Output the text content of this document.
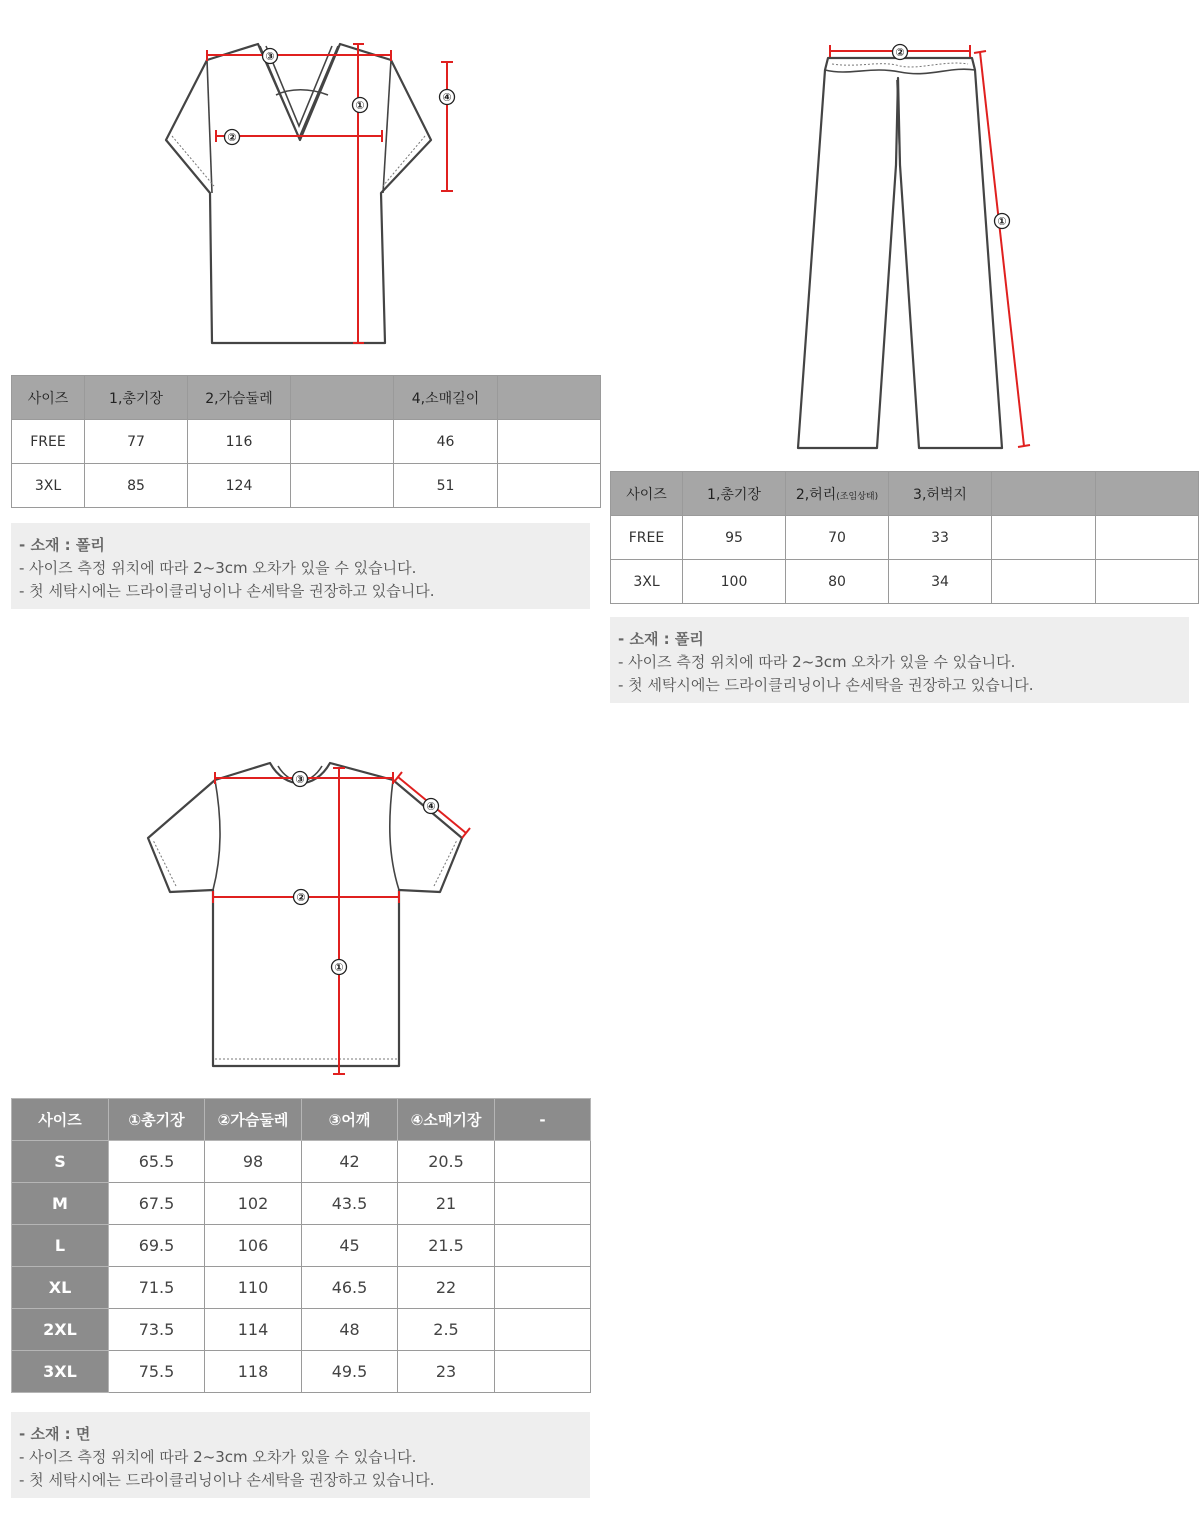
③
①
④
②
②
①
③
④
②
①
사이즈	1,총기장	2,가슴둘레		4,소매길이	
FREE	77	116		46	
3XL	85	124		51	
- 소재 : 폴리
- 사이즈 측정 위치에 따라 2~3cm 오차가 있을 수 있습니다.
- 첫 세탁시에는 드라이클리닝이나 손세탁을 권장하고 있습니다.
사이즈	1,총기장	2,허리(조임상태)	3,허벅지		
FREE	95	70	33		
3XL	100	80	34		
- 소재 : 폴리
- 사이즈 측정 위치에 따라 2~3cm 오차가 있을 수 있습니다.
- 첫 세탁시에는 드라이클리닝이나 손세탁을 권장하고 있습니다.
사이즈	①총기장	②가슴둘레	③어깨	④소매기장	-
S	65.5	98	42	20.5	
M	67.5	102	43.5	21	
L	69.5	106	45	21.5	
XL	71.5	110	46.5	22	
2XL	73.5	114	48	2.5	
3XL	75.5	118	49.5	23	
- 소재 : 면
- 사이즈 측정 위치에 따라 2~3cm 오차가 있을 수 있습니다.
- 첫 세탁시에는 드라이클리닝이나 손세탁을 권장하고 있습니다.
